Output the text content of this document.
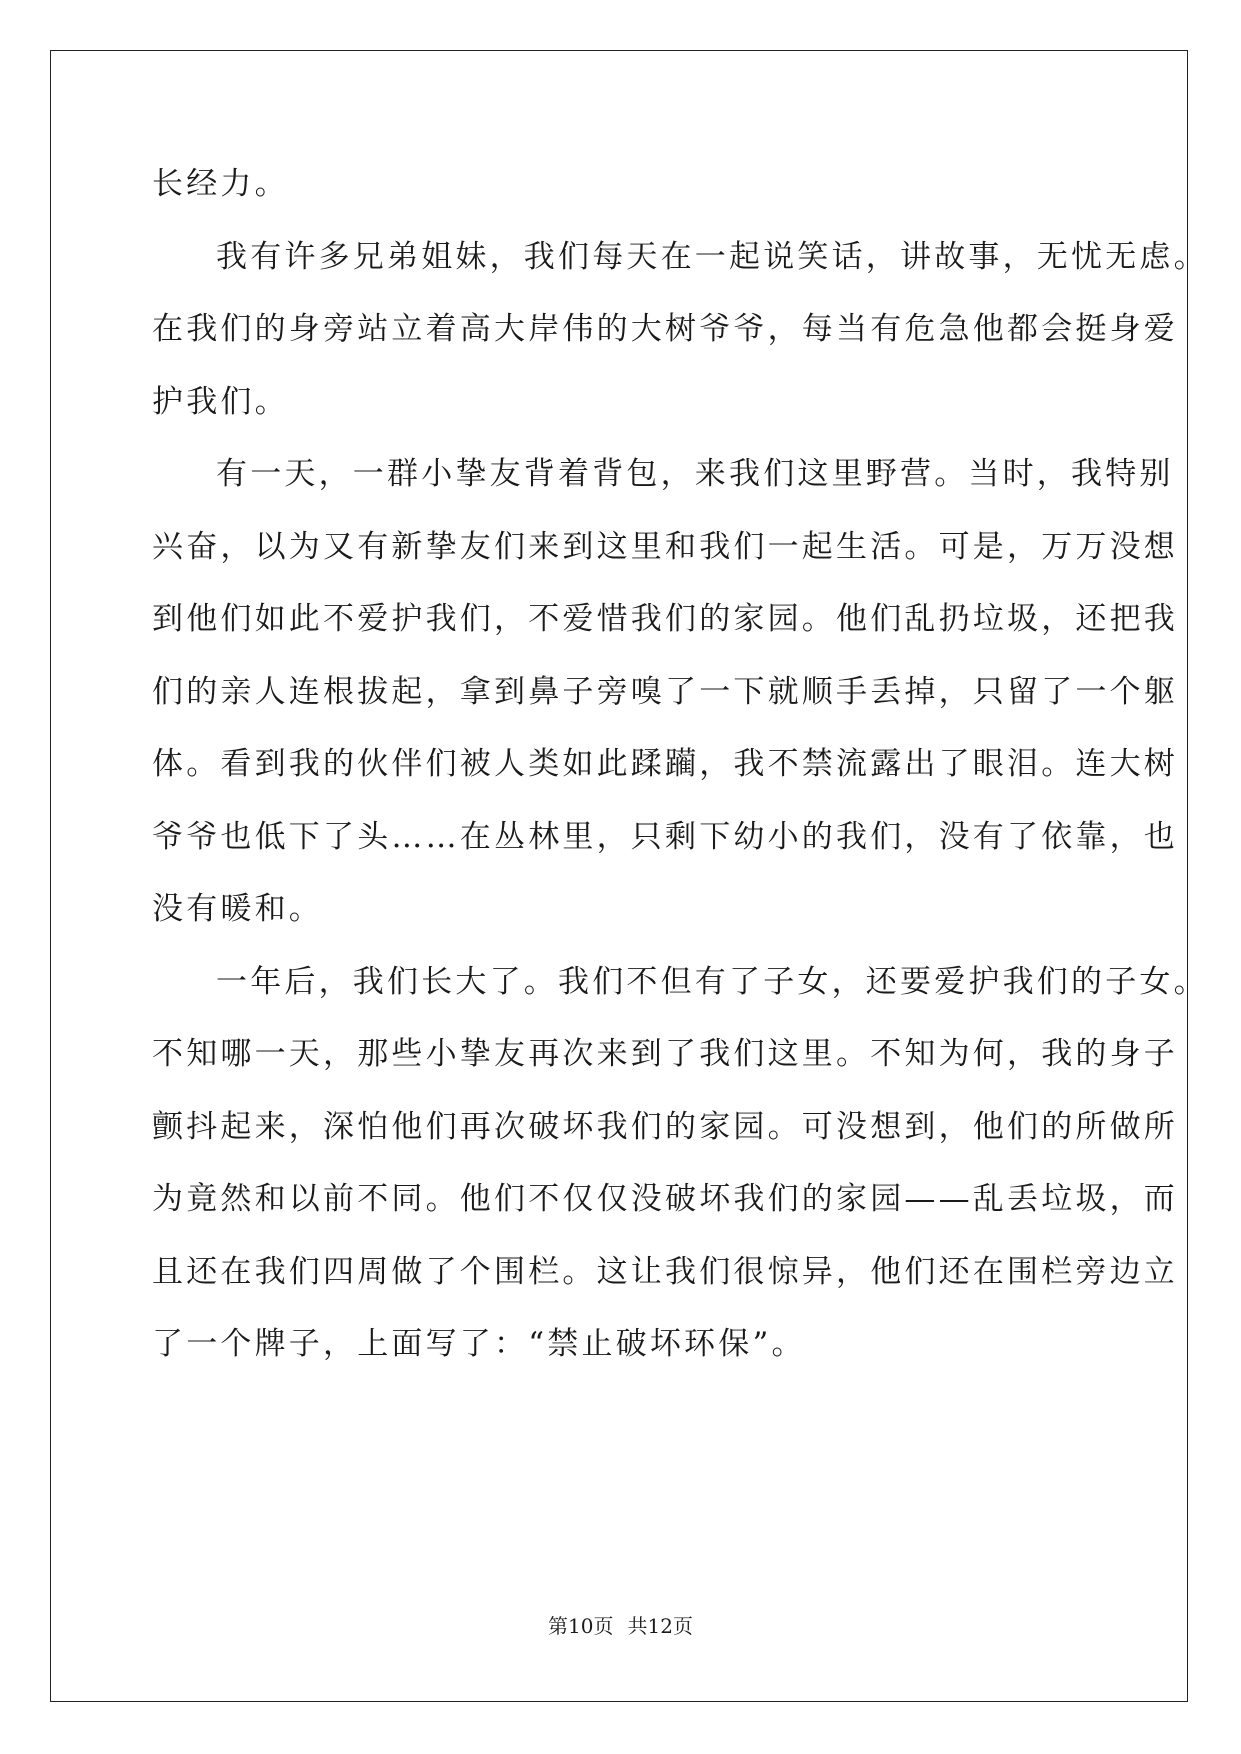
长经力。
我有许多兄弟姐妹，我们每天在一起说笑话，讲故事，无忧无虑。
在我们的身旁站立着高大岸伟的大树爷爷，每当有危急他都会挺身爱
护我们。
有一天，一群小挚友背着背包，来我们这里野营。当时，我特别
兴奋，以为又有新挚友们来到这里和我们一起生活。可是，万万没想
到他们如此不爱护我们，不爱惜我们的家园。他们乱扔垃圾，还把我
们的亲人连根拔起，拿到鼻子旁嗅了一下就顺手丢掉，只留了一个躯
体。看到我的伙伴们被人类如此蹂躏，我不禁流露出了眼泪。连大树
爷爷也低下了头……在丛林里，只剩下幼小的我们，没有了依靠，也
没有暖和。
一年后，我们长大了。我们不但有了子女，还要爱护我们的子女。
不知哪一天，那些小挚友再次来到了我们这里。不知为何，我的身子
颤抖起来，深怕他们再次破坏我们的家园。可没想到，他们的所做所
为竟然和以前不同。他们不仅仅没破坏我们的家园——乱丢垃圾，而
且还在我们四周做了个围栏。这让我们很惊异，他们还在围栏旁边立
了一个牌子，上面写了：“禁止破坏环保”。
第10页 共12页
